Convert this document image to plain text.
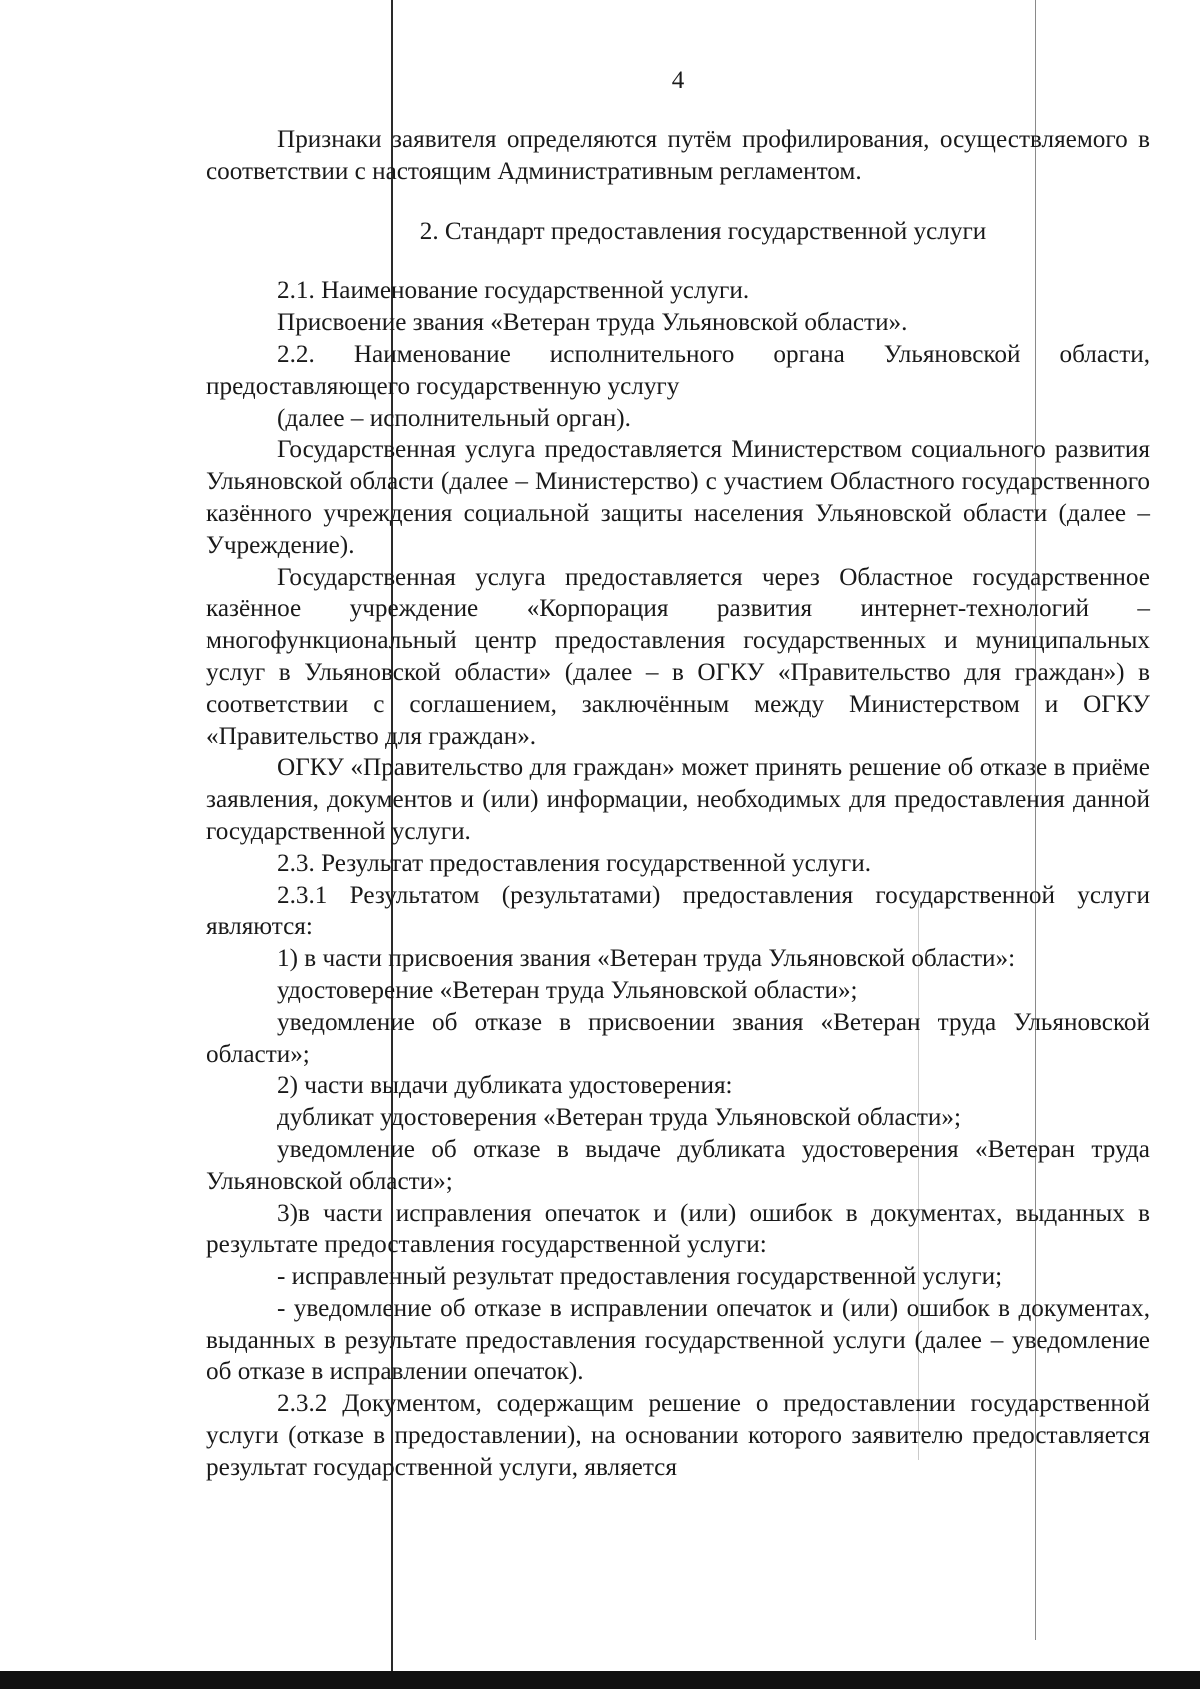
4

Признаки заявителя определяются путём профилирования, осуществляемого в соответствии с настоящим Административным регламентом.

2. Стандарт предоставления государственной услуги

2.1. Наименование государственной услуги.

Присвоение звания «Ветеран труда Ульяновской области».

2.2. Наименование исполнительного органа Ульяновской области, предоставляющего государственную услугу

(далее – исполнительный орган).

Государственная услуга предоставляется Министерством социального развития Ульяновской области (далее – Министерство) с участием Областного государственного казённого учреждения социальной защиты населения Ульяновской области (далее – Учреждение).

Государственная услуга предоставляется через Областное государственное казённое учреждение «Корпорация развития интернет-технологий – многофункциональный центр предоставления государственных и муниципальных услуг в Ульяновской области» (далее – в ОГКУ «Правительство для граждан») в соответствии с соглашением, заключённым между Министерством и ОГКУ «Правительство для граждан».

ОГКУ «Правительство для граждан» может принять решение об отказе в приёме заявления, документов и (или) информации, необходимых для предоставления данной государственной услуги.

2.3. Результат предоставления государственной услуги.

2.3.1 Результатом (результатами) предоставления государственной услуги являются:

1) в части присвоения звания «Ветеран труда Ульяновской области»:

удостоверение «Ветеран труда Ульяновской области»;

уведомление об отказе в присвоении звания «Ветеран труда Ульяновской области»;

2) части выдачи дубликата удостоверения:

дубликат удостоверения «Ветеран труда Ульяновской области»;

уведомление об отказе в выдаче дубликата удостоверения «Ветеран труда Ульяновской области»;

3)в части исправления опечаток и (или) ошибок в документах, выданных в результате предоставления государственной услуги:

- исправленный результат предоставления государственной услуги;

- уведомление об отказе в исправлении опечаток и (или) ошибок в документах, выданных в результате предоставления государственной услуги (далее – уведомление об отказе в исправлении опечаток).

2.3.2 Документом, содержащим решение о предоставлении государственной услуги (отказе в предоставлении), на основании которого заявителю предоставляется результат государственной услуги, является
